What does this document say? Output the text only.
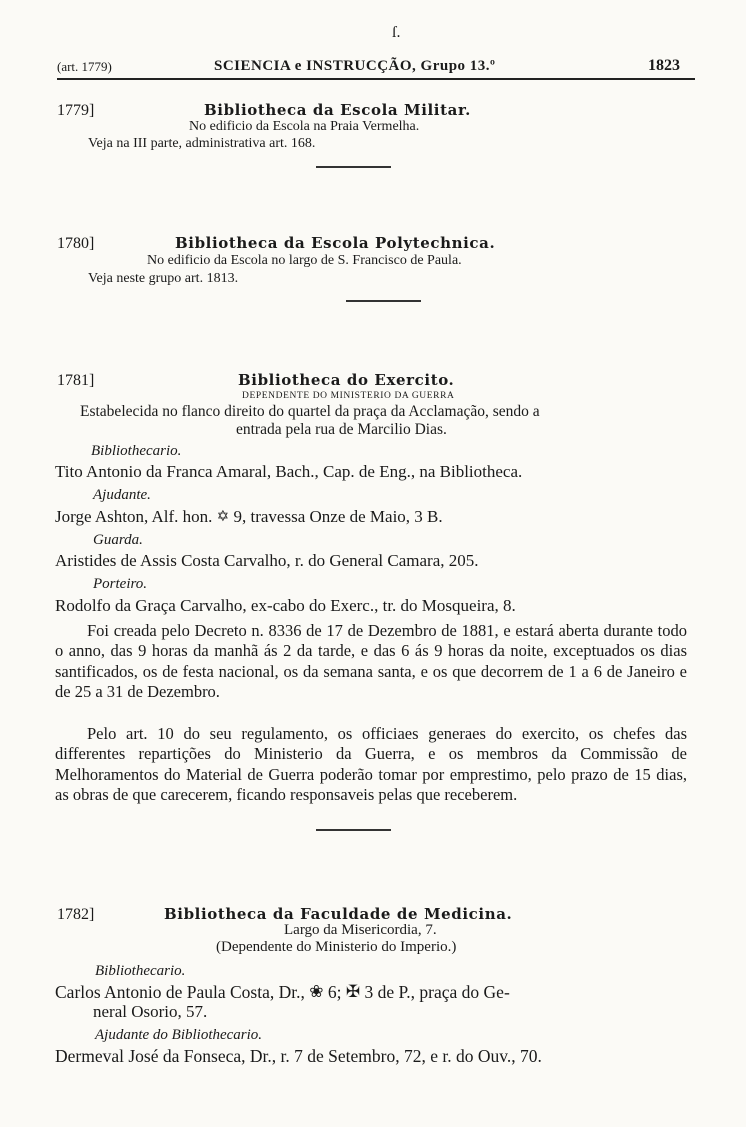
ſ.
(art. 1779)	SCIENCIA e INSTRUCÇÃO, Grupo 13.º	1823
1779]	Bibliotheca da Escola Militar.
No edificio da Escola na Praia Vermelha.
Veja na III parte, administrativa art. 168.
1780]	Bibliotheca da Escola Polytechnica.
No edificio da Escola no largo de S. Francisco de Paula.
Veja neste grupo art. 1813.
1781]	Bibliotheca do Exercito.
DEPENDENTE DO MINISTERIO DA GUERRA
Estabelecida no flanco direito do quartel da praça da Acclamação, sendo a
entrada pela rua de Marcilio Dias.
Bibliothecario.
Tito Antonio da Franca Amaral, Bach., Cap. de Eng., na Bibliotheca.
Ajudante.
Jorge Ashton, Alf. hon. ✡ 9, travessa Onze de Maio, 3 B.
Guarda.
Aristides de Assis Costa Carvalho, r. do General Camara, 205.
Porteiro.
Rodolfo da Graça Carvalho, ex-cabo do Exerc., tr. do Mosqueira, 8.
Foi creada pelo Decreto n. 8336 de 17 de Dezembro de 1881, e estará aberta durante todo o anno, das 9 horas da manhã ás 2 da tarde, e das 6 ás 9 horas da noite, exceptuados os dias santificados, os de festa nacional, os da semana santa, e os que decorrem de 1 a 6 de Janeiro e de 25 a 31 de Dezembro.
Pelo art. 10 do seu regulamento, os officiaes generaes do exercito, os chefes das differentes repartições do Ministerio da Guerra, e os membros da Commissão de Melhoramentos do Material de Guerra poderão tomar por emprestimo, pelo prazo de 15 dias, as obras de que carecerem, ficando responsaveis pelas que receberem.
1782]	Bibliotheca da Faculdade de Medicina.
Largo da Misericordia, 7.
(Dependente do Ministerio do Imperio.)
Bibliothecario.
Carlos Antonio de Paula Costa, Dr., ❀ 6; ✠ 3 de P., praça do Ge-
neral Osorio, 57.
Ajudante do Bibliothecario.
Dermeval José da Fonseca, Dr., r. 7 de Setembro, 72, e r. do Ouv., 70.
